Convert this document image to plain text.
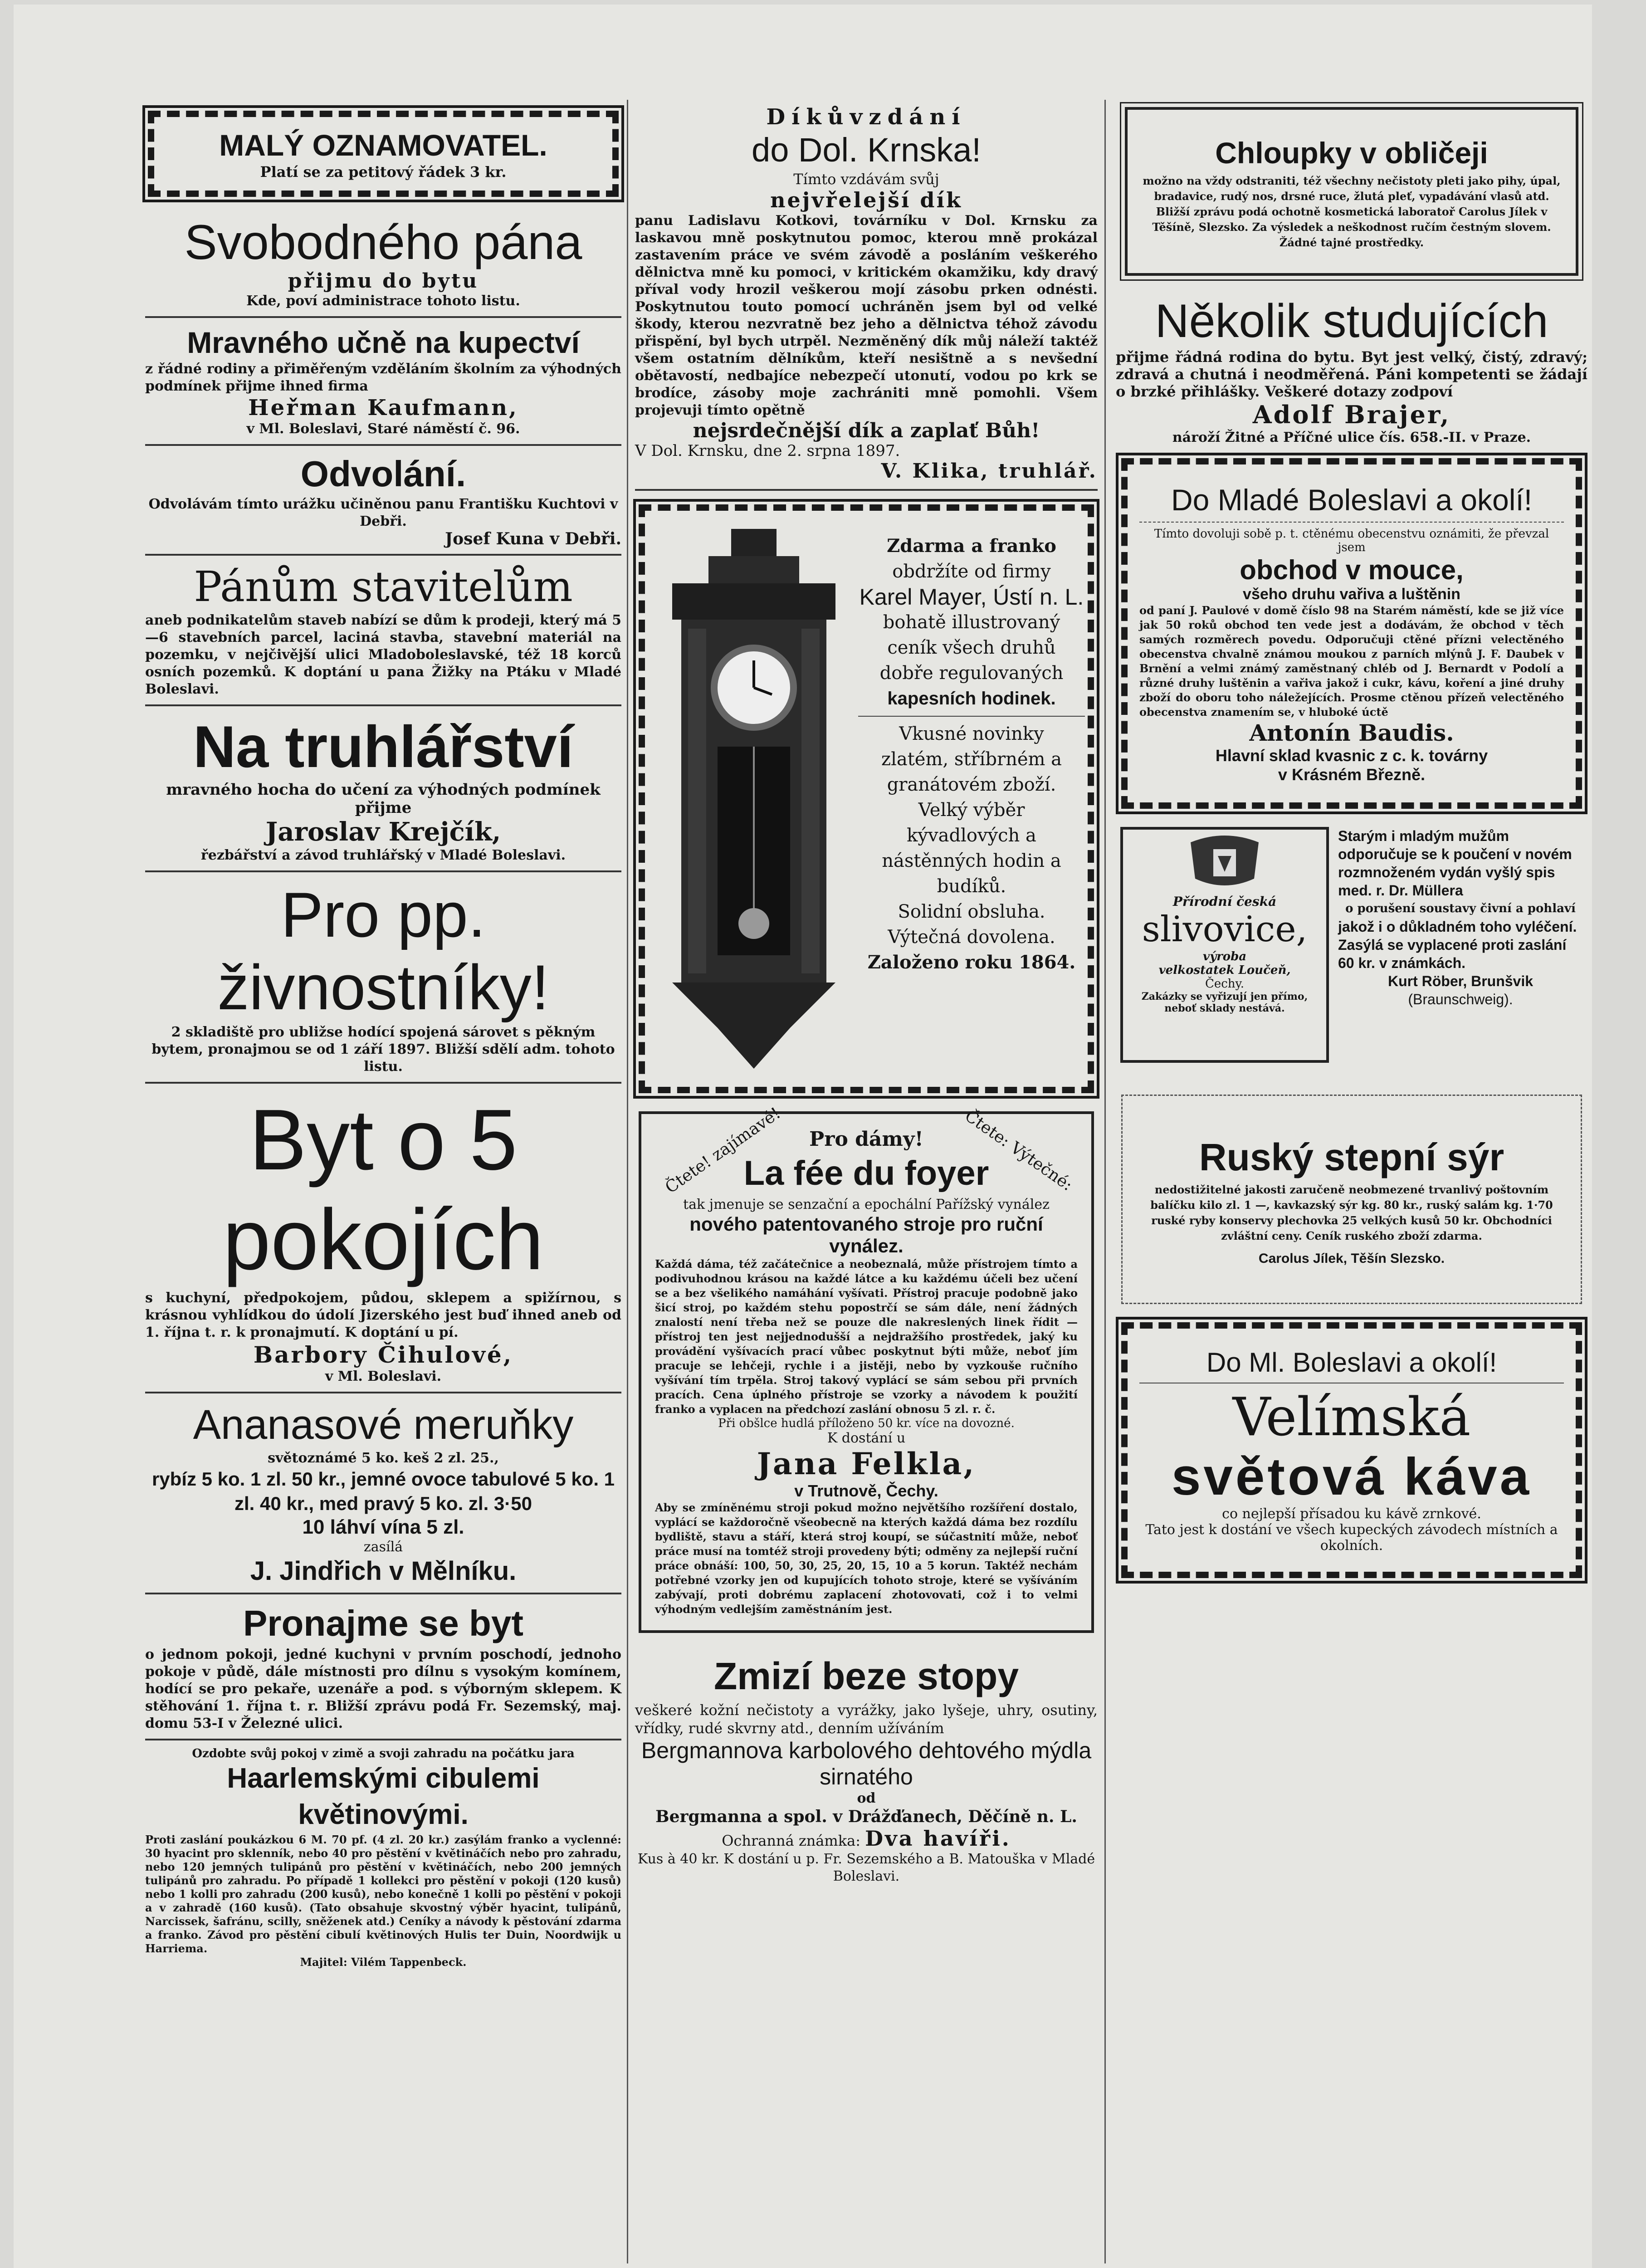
MALÝ OZNAMOVATEL.
Platí se za petitový řádek 3 kr.
Svobodného pána
přijmu do bytu
Kde, poví administrace tohoto listu.
Mravného učně na kupectví
z řádné rodiny a přiměřeným vzděláním školním za výhodných podmínek přijme ihned firma
Heřman Kaufmann,
v Ml. Boleslavi, Staré náměstí č. 96.
Odvolání.
Odvolávám tímto urážku učiněnou panu Františku Kuchtovi v Debři.
Josef Kuna v Debři.
Pánům stavitelům
aneb podnikatelům staveb nabízí se dům k prodeji, který má 5—6 stavebních parcel, laciná stavba, stavební materiál na pozemku, v nejčivější ulici Mladoboleslavské, též 18 korců osních pozemků. K doptání u pana Žižky na Ptáku v Mladé Boleslavi.
Na truhlářství
mravného hocha do učení za výhodných podmínek přijme
Jaroslav Krejčík,
řezbářství a závod truhlářský v Mladé Boleslavi.
Pro pp. živnostníky!
2 skladiště pro ubližse hodící spojená sárovet s pěkným bytem, pronajmou se od 1 září 1897. Bližší sdělí adm. tohoto listu.
Byt o 5 pokojích
s kuchyní, předpokojem, půdou, sklepem a spižírnou, s krásnou vyhlídkou do údolí Jizerského jest buď ihned aneb od 1. října t. r. k pronajmutí. K doptání u pí.
Barbory Čihulové,
v Ml. Boleslavi.
Ananasové meruňky
světoznámé 5 ko. keš 2 zl. 25.,
rybíz 5 ko. 1 zl. 50 kr., jemné ovoce tabulové 5 ko. 1 zl. 40 kr., med pravý 5 ko. zl. 3·50
10 láhví vína 5 zl.
zasílá
J. Jindřich v Mělníku.
Pronajme se byt
o jednom pokoji, jedné kuchyni v prvním poschodí, jednoho pokoje v půdě, dále místnosti pro dílnu s vysokým komínem, hodící se pro pekaře, uzenáře a pod. s výborným sklepem. K stěhování 1. října t. r. Bližší zprávu podá Fr. Sezemský, maj. domu 53-I v Železné ulici.
Ozdobte svůj pokoj v zimě a svoji zahradu na počátku jara
Haarlemskými cibulemi květinovými.
Proti zaslání poukázkou 6 M. 70 pf. (4 zl. 20 kr.) zasýlám franko a vyclenné: 30 hyacint pro sklenník, nebo 40 pro pěstění v květináčích nebo pro zahradu, nebo 120 jemných tulipánů pro pěstění v květináčích, nebo 200 jemných tulipánů pro zahradu. Po případě 1 kollekci pro pěstění v pokoji (120 kusů) nebo 1 kolli pro zahradu (200 kusů), nebo konečně 1 kolli po pěstění v pokoji a v zahradě (160 kusů). (Tato obsahuje skvostný výběr hyacint, tulipánů, Narcissek, šafránu, scilly, sněženek atd.) Ceníky a návody k pěstování zdarma a franko. Závod pro pěstění cibulí květinových Hulis ter Duin, Noordwijk u Harriema.
Majitel: Vilém Tappenbeck.
Díkůvzdání
do Dol. Krnska!
Tímto vzdávám svůj
nejvřelejší dík
panu Ladislavu Kotkovi, továrníku v Dol. Krnsku za laskavou mně poskytnutou pomoc, kterou mně prokázal zastavením práce ve svém závodě a posláním veškerého dělnictva mně ku pomoci, v kritickém okamžiku, kdy dravý příval vody hrozil veškerou mojí zásobu prken odnésti. Poskytnutou touto pomocí uchráněn jsem byl od velké škody, kterou nezvratně bez jeho a dělnictva téhož závodu přispění, byl bych utrpěl. Nezměněný dík můj náleží taktéž všem ostatním dělníkům, kteří nesištně a s nevšední obětavostí, nedbajíce nebezpečí utonutí, vodou po krk se brodíce, zásoby moje zachrániti mně pomohli. Všem projevuji tímto opětně
nejsrdečnější dík a zaplať Bůh!
V Dol. Krnsku, dne 2. srpna 1897.
V. Klika, truhlář.
Zdarma a franko
obdržíte od firmy
Karel Mayer, Ústí n. L.
bohatě illustrovaný ceník všech druhů
dobře regulovaných
kapesních hodinek.
Vkusné novinky
zlatém, stříbrném a granátovém zboží.
Velký výběr
kývadlových a nástěnných hodin a budíků.
Solidní obsluha.
Výtečná dovolena.
Založeno roku 1864.
Čtete! zajímavé!	Čtete: Výtečné:
Pro dámy!
La fée du foyer
tak jmenuje se senzační a epochální Pařížský vynález
nového patentovaného stroje pro ruční vynález.
Každá dáma, též začátečnice a neobeznalá, může přístrojem tímto a podivuhodnou krásou na každé látce a ku každému účeli bez učení se a bez všelikého namáhání vyšívati. Přístroj pracuje podobně jako šicí stroj, po každém stehu popostrčí se sám dále, není žádných znalostí není třeba než se pouze dle nakreslených linek řídit — přístroj ten jest nejjednodušší a nejdražšího prostředek, jaký ku provádění vyšívacích prací vůbec poskytnut býti může, neboť jím pracuje se lehčeji, rychle i a jistěji, nebo by vyzkouše ručního vyšívání tím trpěla. Stroj takový vyplácí se sám sebou při prvních pracích. Cena úplného přístroje se vzorky a návodem k použití franko a vyplacen na předchozí zaslání obnosu 5 zl. r. č.
Při obšlce hudlá příloženo 50 kr. více na dovozné.
K dostání u
Jana Felkla,
v Trutnově, Čechy.
Aby se zmíněnému stroji pokud možno největšího rozšíření dostalo, vyplácí se každoročně všeobecně na kterých každá dáma bez rozdílu bydliště, stavu a stáří, která stroj koupí, se súčastnití může, neboť práce musí na tomtéž stroji provedeny býti; odměny za nejlepší ruční práce obnáší: 100, 50, 30, 25, 20, 15, 10 a 5 korun. Taktéž nechám potřebné vzorky jen od kupujících tohoto stroje, které se vyšíváním zabývají, proti dobrému zaplacení zhotovovati, což i to velmi výhodným vedlejším zaměstnáním jest.
Zmizí beze stopy
veškeré kožní nečistoty a vyrážky, jako lyšeje, uhry, osutiny, vřídky, rudé skvrny atd., denním užíváním
Bergmannova karbolového dehtového mýdla sirnatého
od
Bergmanna a spol. v Drážďanech, Děčíně n. L.
Ochranná známka: Dva havíři.
Kus à 40 kr. K dostání u p. Fr. Sezemského a B. Matouška v Mladé Boleslavi.
Chloupky v obličeji
možno na vždy odstraniti, též všechny nečistoty pleti jako pihy, úpal, bradavice, rudý nos, drsné ruce, žlutá pleť, vypadávání vlasů atd. Bližší zprávu podá ochotně kosmetická laboratoř Carolus Jílek v Těšíně, Slezsko. Za výsledek a neškodnost ručím čestným slovem. Žádné tajné prostředky.
Několik studujících
přijme řádná rodina do bytu. Byt jest velký, čistý, zdravý; zdravá a chutná i neodměřená. Páni kompetenti se žádají o brzké přihlášky. Veškeré dotazy zodpoví
Adolf Brajer,
nároží Žitné a Příčné ulice čís. 658.-II. v Praze.
Do Mladé Boleslavi a okolí!
Tímto dovoluji sobě p. t. ctěnému obecenstvu oznámiti, že převzal jsem
obchod v mouce,
všeho druhu vařiva a luštěnin
od paní J. Paulové v domě číslo 98 na Starém náměstí, kde se již více jak 50 roků obchod ten vede jest a dodávám, že obchod v těch samých rozměrech povedu. Odporučuji ctěné přízni velectěného obecenstva chvalně známou moukou z parních mlýnů J. F. Daubek v Brnění a velmi známý zaměstnaný chléb od J. Bernardt v Podolí a různé druhy luštěnin a vařiva jakož i cukr, kávu, koření a jiné druhy zboží do oboru toho náležejících. Prosme ctěnou přízeň velectěného obecenstva znamením se, v hluboké úctě
Antonín Baudis.
Hlavní sklad kvasnic z c. k. továrny
v Krásném Březně.
Přírodní česká
slivovice,
výroba
velkostatek Loučeň,
Čechy.
Zakázky se vyřizují jen přímo, neboť sklady nestává.
Starým i mladým mužům odporučuje se k poučení v novém rozmnoženém vydán vyšlý spis med. r. Dr. Müllera
o porušení soustavy čivní a pohlaví
jakož i o důkladném toho vyléčení. Zasýlá se vyplacené proti zaslání 60 kr. v známkách.
Kurt Röber, Brunšvik
(Braunschweig).
Ruský stepní sýr
nedostižitelné jakosti zaručeně neobmezené trvanlivý poštovním balíčku kilo zl. 1 —, kavkazský sýr kg. 80 kr., ruský salám kg. 1·70 ruské ryby konservy plechovka 25 velkých kusů 50 kr. Obchodníci zvláštní ceny. Ceník ruského zboží zdarma.
Carolus Jílek, Těšín Slezsko.
Do Ml. Boleslavi a okolí!
Velímská
světová káva
co nejlepší přísadou ku kávě zrnkové.
Tato jest k dostání ve všech kupeckých závodech místních a okolních.
